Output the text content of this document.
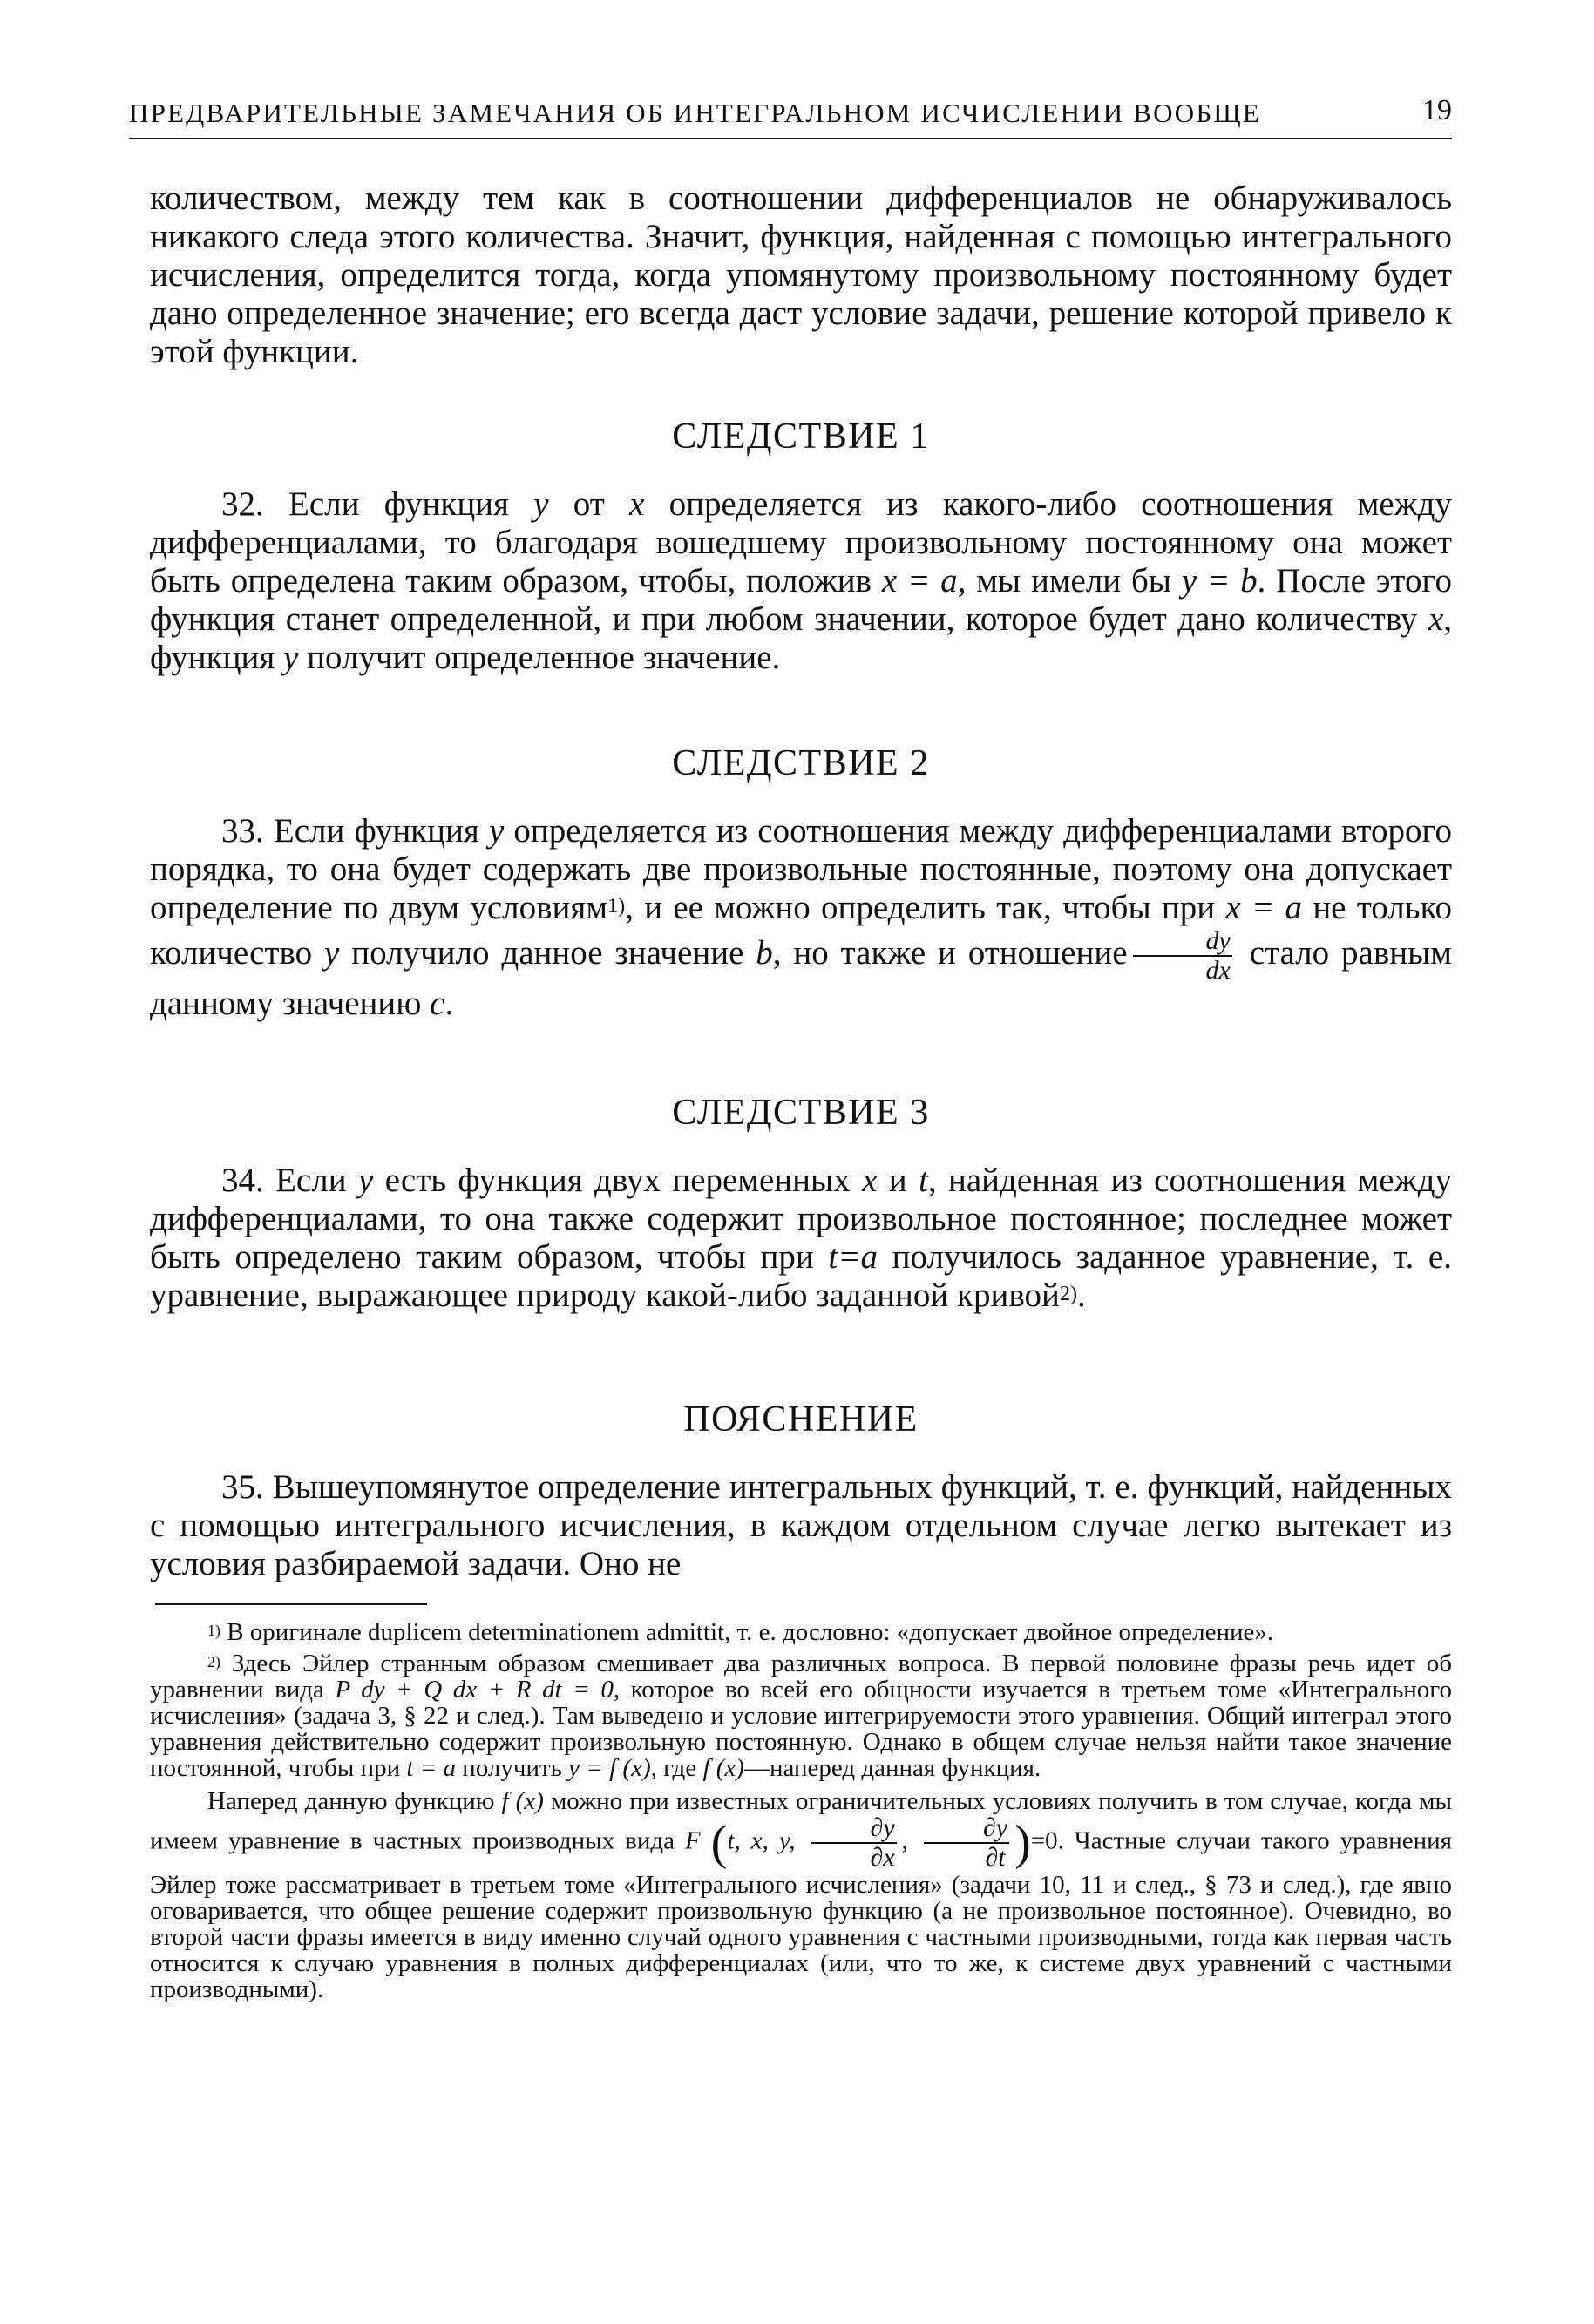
ПРЕДВАРИТЕЛЬНЫЕ ЗАМЕЧАНИЯ ОБ ИНТЕГРАЛЬНОМ ИСЧИСЛЕНИИ ВООБЩЕ	19

количеством, между тем как в соотношении дифференциалов не обнаруживалось никакого следа этого количества. Значит, функция, найденная с помощью интегрального исчисления, определится тогда, когда упомянутому произвольному постоянному будет дано определенное значение; его всегда даст условие задачи, решение которой привело к этой функции.

СЛЕДСТВИЕ 1

32. Если функция y от x определяется из какого-либо соотношения между дифференциалами, то благодаря вошедшему произвольному постоянному она может быть определена таким образом, чтобы, положив x = a, мы имели бы y = b. После этого функция станет определенной, и при любом значении, которое будет дано количеству x, функция y получит определенное значение.

СЛЕДСТВИЕ 2

33. Если функция y определяется из соотношения между дифференциалами второго порядка, то она будет содержать две произвольные постоянные, поэтому она допускает определение по двум условиям$^{1)}$, и ее можно определить так, чтобы при x = a не только количество y получило данное значение b, но также и отношение $\frac{dy}{dx}$ стало равным данному значению c.

СЛЕДСТВИЕ 3

34. Если y есть функция двух переменных x и t, найденная из соотношения между дифференциалами, то она также содержит произвольное постоянное; последнее может быть определено таким образом, чтобы при t=a получилось заданное уравнение, т. е. уравнение, выражающее природу какой-либо заданной кривой$^{2)}$.

ПОЯСНЕНИЕ

35. Вышеупомянутое определение интегральных функций, т. е. функций, найденных с помощью интегрального исчисления, в каждом отдельном случае легко вытекает из условия разбираемой задачи. Оно не

$^{1)}$ В оригинале duplicem determinationem admittit, т. е. дословно: «допускает двойное определение».

$^{2)}$ Здесь Эйлер странным образом смешивает два различных вопроса. В первой половине фразы речь идет об уравнении вида P dy + Q dx + R dt = 0, которое во всей его общности изучается в третьем томе «Интегрального исчисления» (задача 3, § 22 и след.). Там выведено и условие интегрируемости этого уравнения. Общий интеграл этого уравнения действительно содержит произвольную постоянную. Однако в общем случае нельзя найти такое значение постоянной, чтобы при t = a получить y = f (x), где f (x)—наперед данная функция.

Наперед данную функцию f (x) можно при известных ограничительных условиях получить в том случае, когда мы имеем уравнение в частных производных вида F (t, x, y, $\frac{\partial y}{\partial x}$ , $\frac{\partial y}{\partial t} )=0$. Частные случаи такого уравнения Эйлер тоже рассматривает в третьем томе «Интегрального исчисления» (задачи 10, 11 и след., § 73 и след.), где явно оговаривается, что общее решение содержит произвольную функцию (а не произвольное постоянное). Очевидно, во второй части фразы имеется в виду именно случай одного уравнения с частными производными, тогда как первая часть относится к случаю уравнения в полных дифференциалах (или, что то же, к системе двух уравнений с частными производными).
